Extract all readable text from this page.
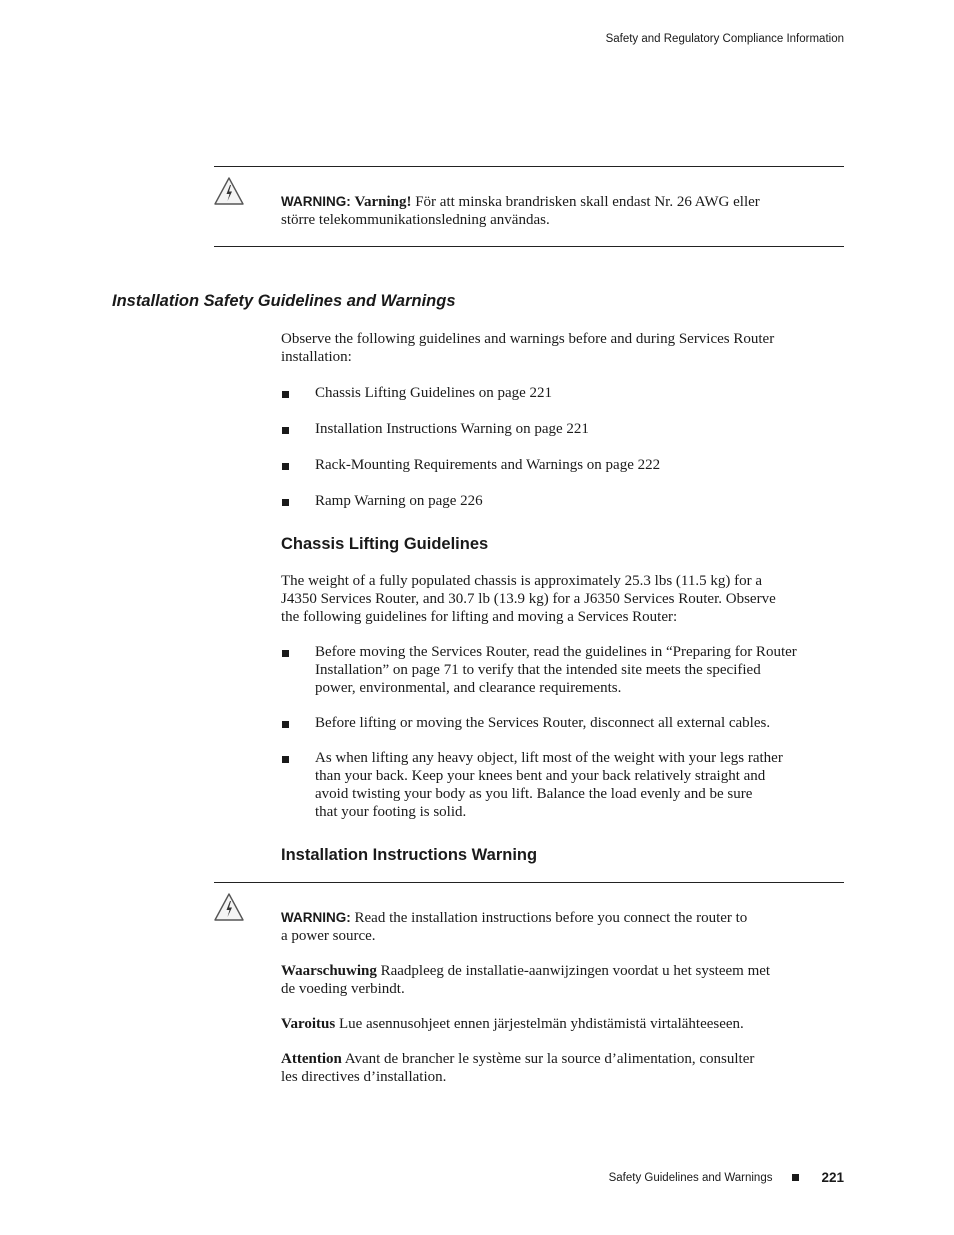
Safety and Regulatory Compliance Information
WARNING: Varning! För att minska brandrisken skall endast Nr. 26 AWG eller
större telekommunikationsledning användas.
Installation Safety Guidelines and Warnings
Observe the following guidelines and warnings before and during Services Router
installation:
Chassis Lifting Guidelines on page 221
Installation Instructions Warning on page 221
Rack-Mounting Requirements and Warnings on page 222
Ramp Warning on page 226
Chassis Lifting Guidelines
The weight of a fully populated chassis is approximately 25.3 lbs (11.5 kg) for a
J4350 Services Router, and 30.7 lb (13.9 kg) for a J6350 Services Router. Observe
the following guidelines for lifting and moving a Services Router:
Before moving the Services Router, read the guidelines in “Preparing for Router
Installation” on page 71 to verify that the intended site meets the specified
power, environmental, and clearance requirements.
Before lifting or moving the Services Router, disconnect all external cables.
As when lifting any heavy object, lift most of the weight with your legs rather
than your back. Keep your knees bent and your back relatively straight and
avoid twisting your body as you lift. Balance the load evenly and be sure
that your footing is solid.
Installation Instructions Warning
WARNING: Read the installation instructions before you connect the router to
a power source.
Waarschuwing Raadpleeg de installatie-aanwijzingen voordat u het systeem met
de voeding verbindt.
Varoitus Lue asennusohjeet ennen järjestelmän yhdistämistä virtalähteeseen.
Attention Avant de brancher le système sur la source d’alimentation, consulter
les directives d’installation.
Safety Guidelines and Warnings	221
